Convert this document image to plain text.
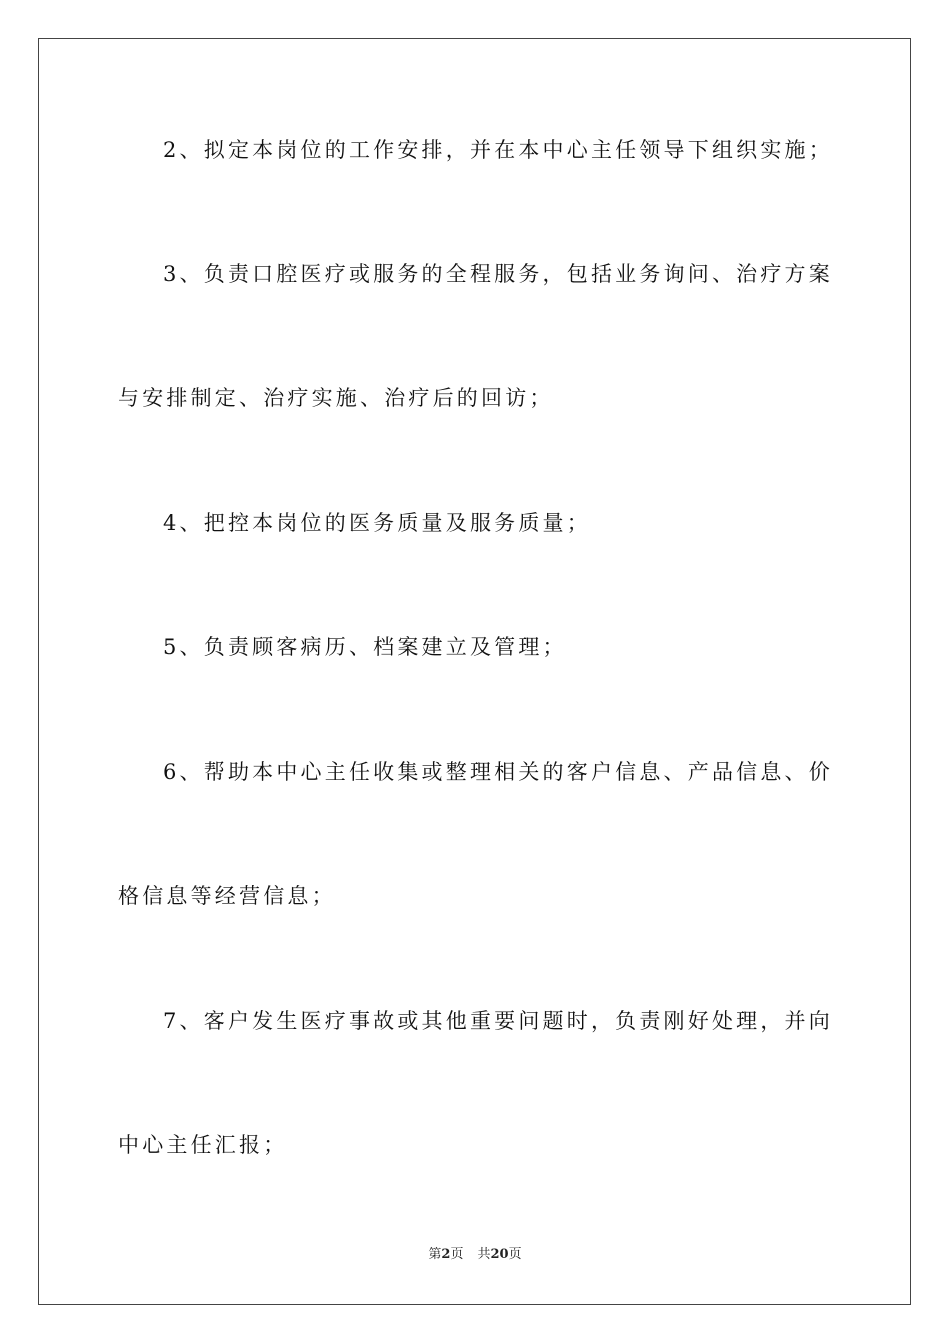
2、拟定本岗位的工作安排，并在本中心主任领导下组织实施；
3、负责口腔医疗或服务的全程服务，包括业务询问、治疗方案
与安排制定、治疗实施、治疗后的回访；
4、把控本岗位的医务质量及服务质量；
5、负责顾客病历、档案建立及管理；
6、帮助本中心主任收集或整理相关的客户信息、产品信息、价
格信息等经营信息；
7、客户发生医疗事故或其他重要问题时，负责刚好处理，并向
中心主任汇报；
第2页 共20页
